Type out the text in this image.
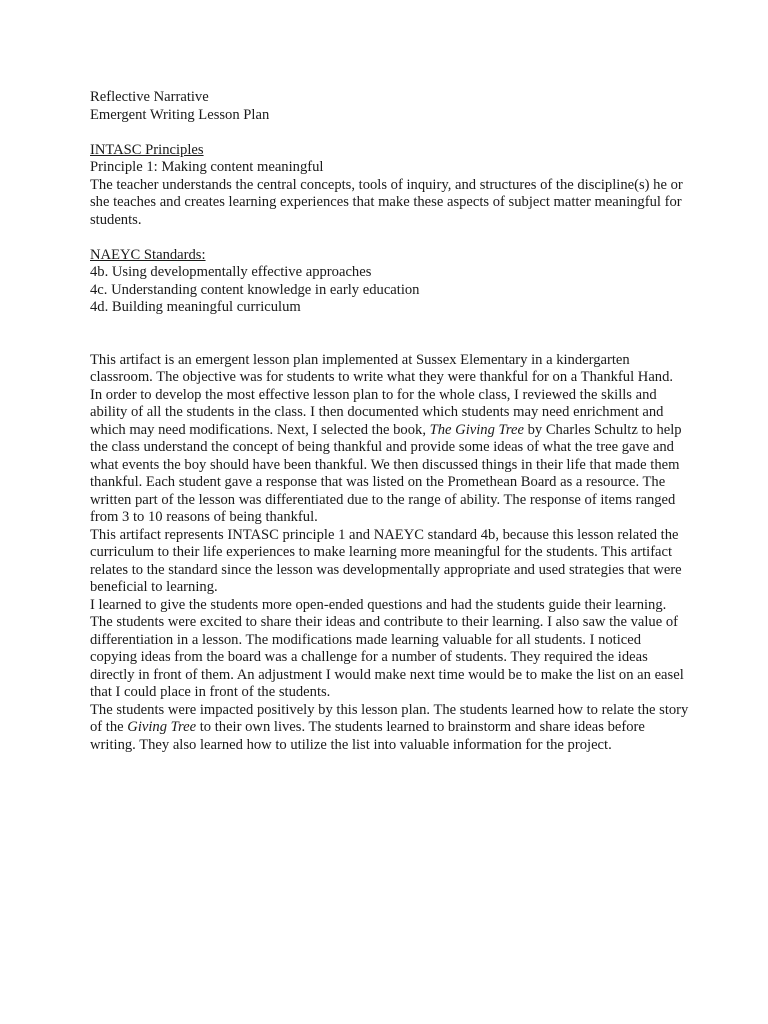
Reflective Narrative

Emergent Writing Lesson Plan

INTASC Principles

Principle 1: Making content meaningful

The teacher understands the central concepts, tools of inquiry, and structures of the discipline(s) he or she teaches and creates learning experiences that make these aspects of subject matter meaningful for students.

NAEYC Standards:

4b. Using developmentally effective approaches

4c. Understanding content knowledge in early education

4d. Building meaningful curriculum

This artifact is an emergent lesson plan implemented at Sussex Elementary in a kindergarten classroom. The objective was for students to write what they were thankful for on a Thankful Hand.

In order to develop the most effective lesson plan to for the whole class, I reviewed the skills and ability of all the students in the class. I then documented which students may need enrichment and which may need modifications. Next, I selected the book, The Giving Tree by Charles Schultz to help the class understand the concept of being thankful and provide some ideas of what the tree gave and what events the boy should have been thankful. We then discussed things in their life that made them thankful. Each student gave a response that was listed on the Promethean Board as a resource. The written part of the lesson was differentiated due to the range of ability. The response of items ranged from 3 to 10 reasons of being thankful.

This artifact represents INTASC principle 1 and NAEYC standard 4b, because this lesson related the curriculum to their life experiences to make learning more meaningful for the students. This artifact relates to the standard since the lesson was developmentally appropriate and used strategies that were beneficial to learning.

I learned to give the students more open-ended questions and had the students guide their learning. The students were excited to share their ideas and contribute to their learning. I also saw the value of differentiation in a lesson. The modifications made learning valuable for all students. I noticed copying ideas from the board was a challenge for a number of students. They required the ideas directly in front of them. An adjustment I would make next time would be to make the list on an easel that I could place in front of the students.

The students were impacted positively by this lesson plan. The students learned how to relate the story of the Giving Tree to their own lives. The students learned to brainstorm and share ideas before writing. They also learned how to utilize the list into valuable information for the project.
